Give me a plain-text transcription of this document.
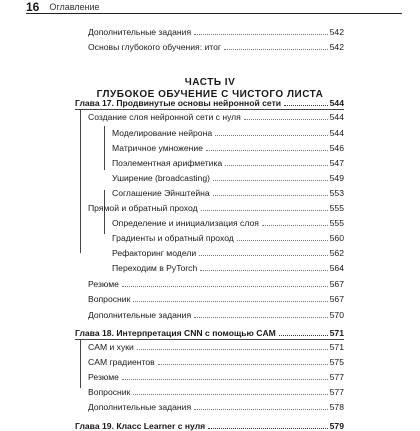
16 Оглавление
Дополнительные задания	542
Основы глубокого обучения: итог	542
ЧАСТЬ IV
ГЛУБОКОЕ ОБУЧЕНИЕ С ЧИСТОГО ЛИСТА
Глава 17. Продвинутые основы нейронной сети	544
Создание слоя нейронной сети с нуля	544
Моделирование нейрона	544
Матричное умножение	546
Поэлементная арифметика	547
Уширение (broadcasting)	549
Соглашение Эйнштейна	553
Прямой и обратный проход	555
Определение и инициализация слоя	555
Градиенты и обратный проход	560
Рефакторинг модели	562
Переходим в PyTorch	564
Резюме	567
Вопросник	567
Дополнительные задания	570
Глава 18. Интерпретация CNN с помощью CAM	571
CAM и хуки	571
CAM градиентов	575
Резюме	577
Вопросник	577
Дополнительные задания	578
Глава 19. Класс Learner с нуля	579
